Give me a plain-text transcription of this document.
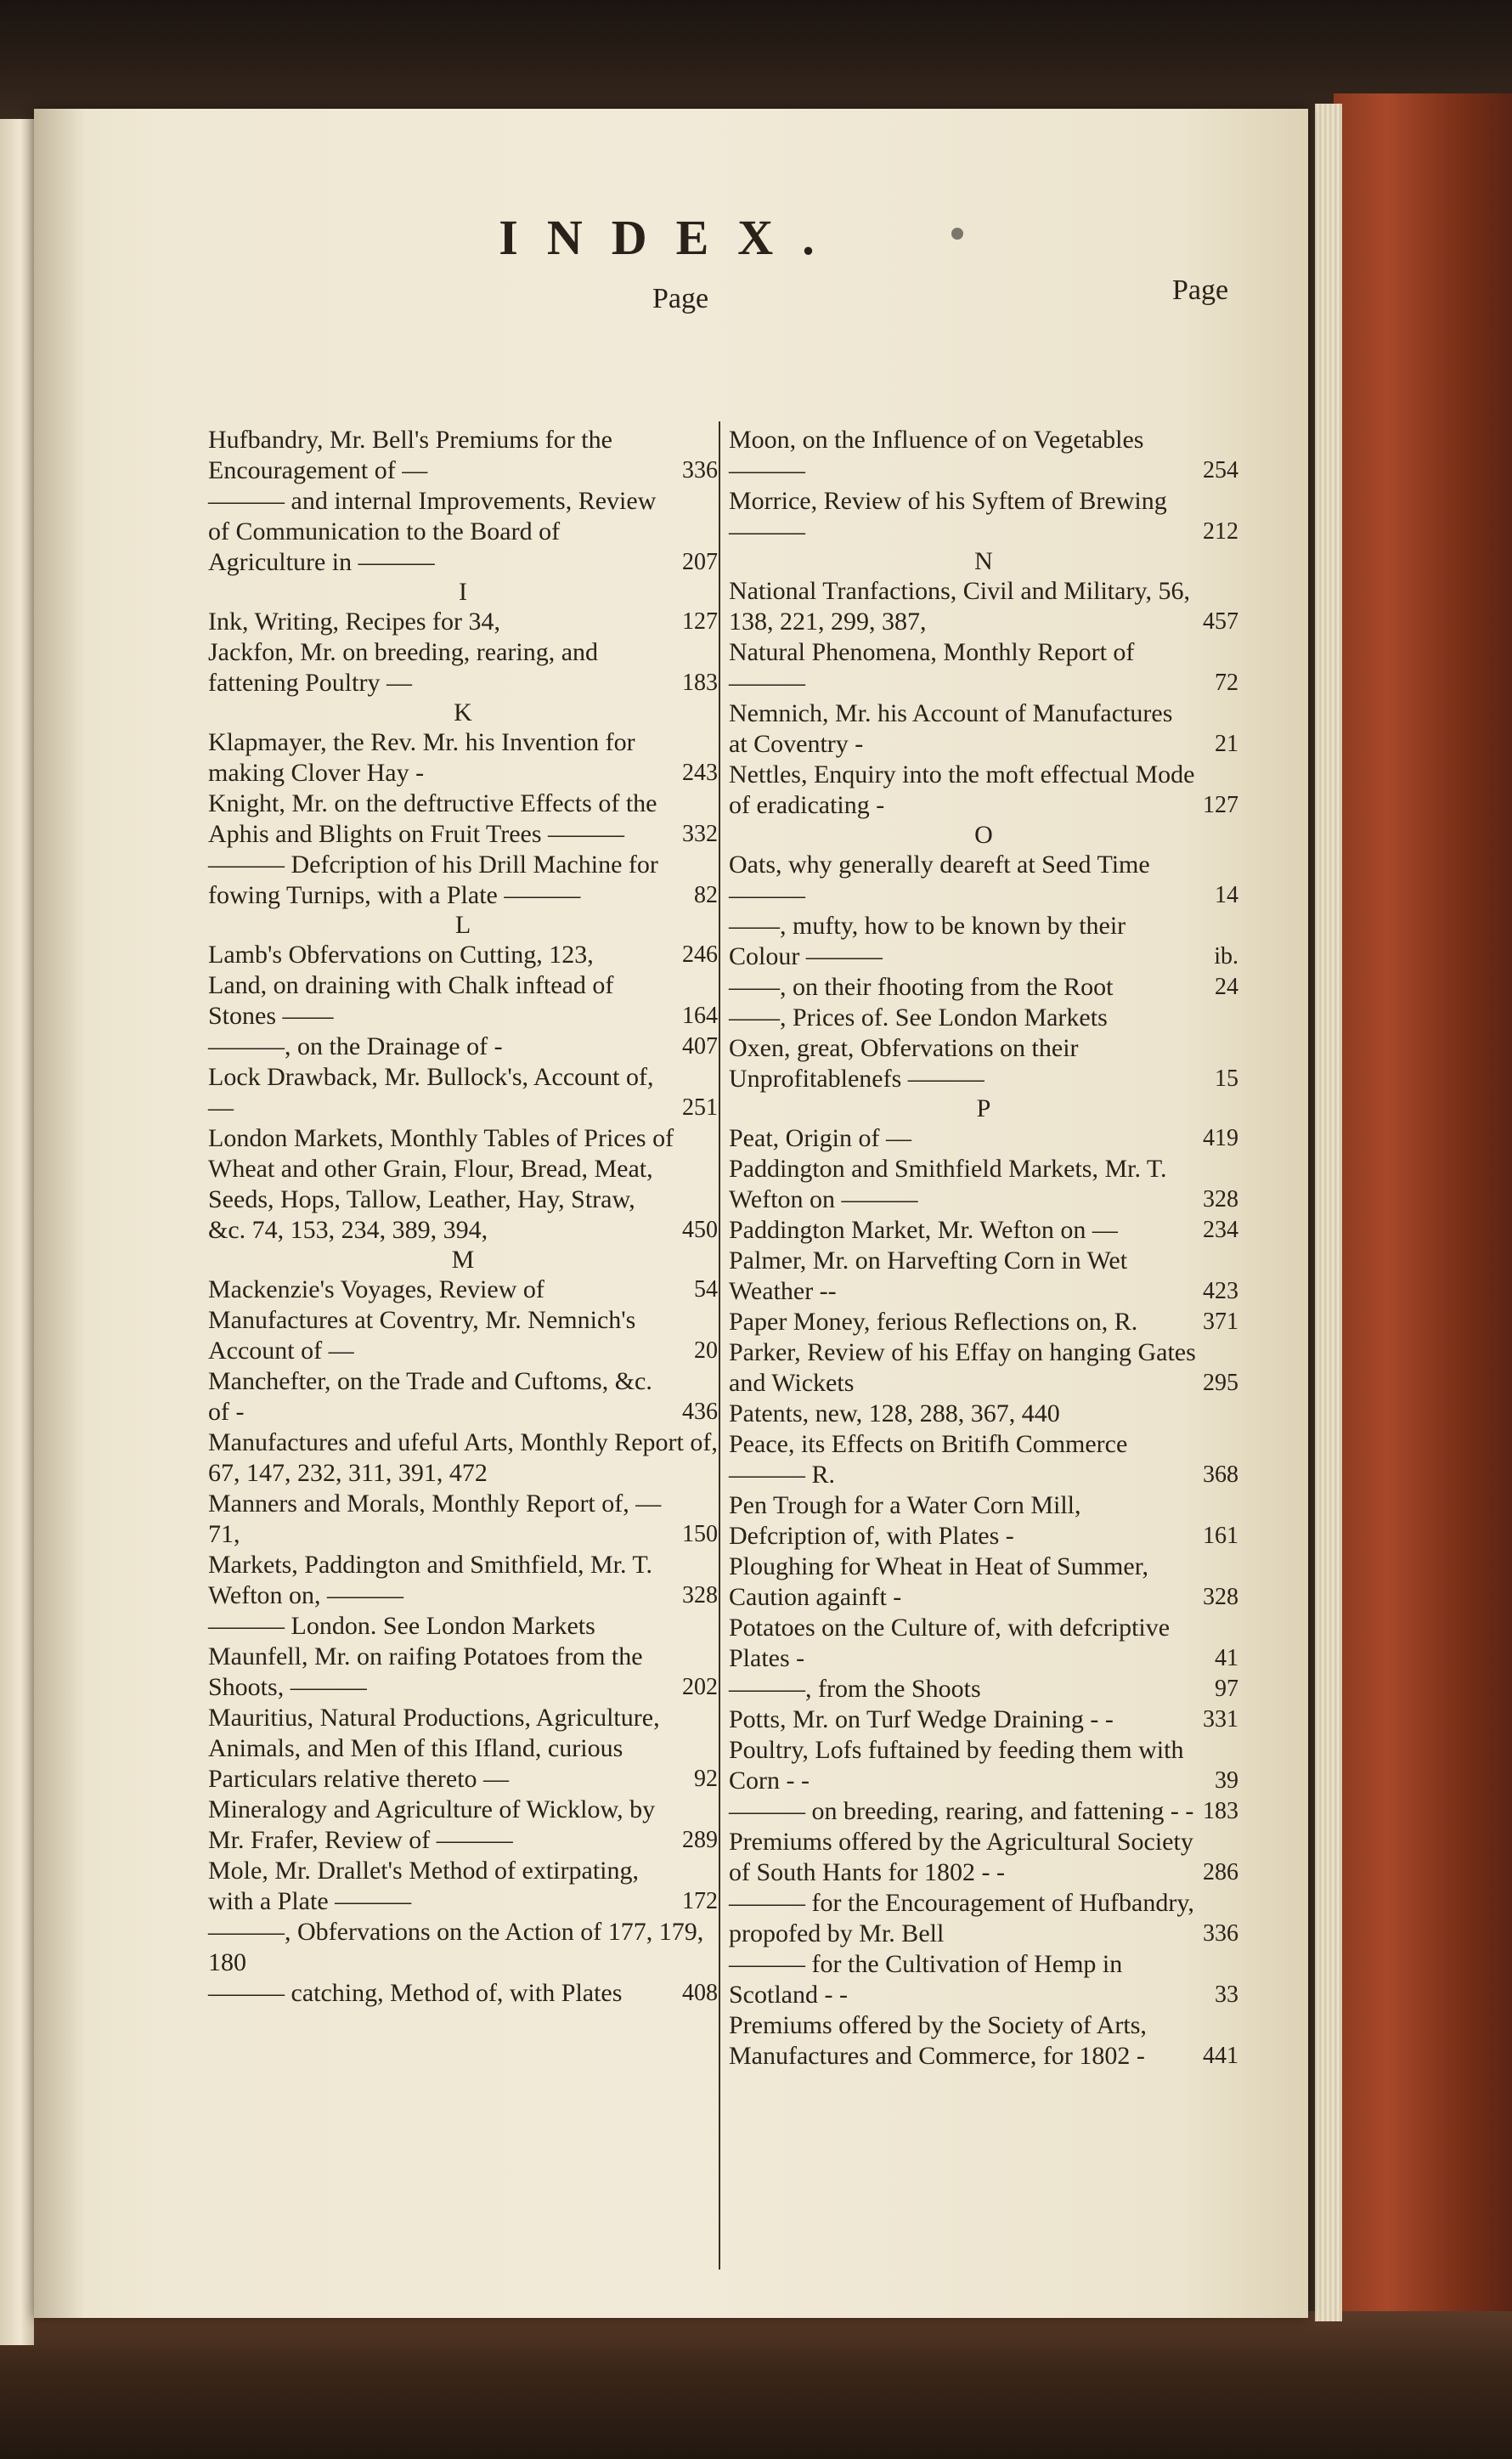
INDEX.
Page	Page
Hufbandry, Mr. Bell's Premiums for the Encouragement of —	336
——— and internal Improvements, Review of Communication to the Board of Agriculture in ———	207
I
Ink, Writing, Recipes for 34,	127
Jackfon, Mr. on breeding, rearing, and fattening Poultry —	183
K
Klapmayer, the Rev. Mr. his Invention for making Clover Hay -	243
Knight, Mr. on the deftructive Effects of the Aphis and Blights on Fruit Trees ———	332
——— Defcription of his Drill Machine for fowing Turnips, with a Plate ———	82
L
Lamb's Obfervations on Cutting, 123,	246
Land, on draining with Chalk inftead of Stones ——	164
———, on the Drainage of -	407
Lock Drawback, Mr. Bullock's, Account of, —	251
London Markets, Monthly Tables of Prices of Wheat and other Grain, Flour, Bread, Meat, Seeds, Hops, Tallow, Leather, Hay, Straw, &c. 74, 153, 234, 389, 394,	450
M
Mackenzie's Voyages, Review of	54
Manufactures at Coventry, Mr. Nemnich's Account of —	20
Manchefter, on the Trade and Cuftoms, &c. of -	436
Manufactures and ufeful Arts, Monthly Report of, 67, 147, 232, 311, 391, 472
Manners and Morals, Monthly Report of, — 71,	150
Markets, Paddington and Smithfield, Mr. T. Wefton on, ———	328
——— London. See London Markets
Maunfell, Mr. on raifing Potatoes from the Shoots, ———	202
Mauritius, Natural Productions, Agriculture, Animals, and Men of this Ifland, curious Particulars relative thereto —	92
Mineralogy and Agriculture of Wicklow, by Mr. Frafer, Review of ———	289
Mole, Mr. Drallet's Method of extirpating, with a Plate ———	172
———, Obfervations on the Action of 177, 179, 180
——— catching, Method of, with Plates	408
Moon, on the Influence of on Vegetables ———	254
Morrice, Review of his Syftem of Brewing ———	212
N
National Tranfactions, Civil and Military, 56, 138, 221, 299, 387,	457
Natural Phenomena, Monthly Report of ———	72
Nemnich, Mr. his Account of Manufactures at Coventry -	21
Nettles, Enquiry into the moft effectual Mode of eradicating -	127
O
Oats, why generally deareft at Seed Time ———	14
——, mufty, how to be known by their Colour ———	ib.
——, on their fhooting from the Root	24
——, Prices of. See London Markets
Oxen, great, Obfervations on their Unprofitablenefs ———	15
P
Peat, Origin of —	419
Paddington and Smithfield Markets, Mr. T. Wefton on ———	328
Paddington Market, Mr. Wefton on —	234
Palmer, Mr. on Harvefting Corn in Wet Weather --	423
Paper Money, ferious Reflections on, R.	371
Parker, Review of his Effay on hanging Gates and Wickets	295
Patents, new, 128, 288, 367, 440
Peace, its Effects on Britifh Commerce ——— R.	368
Pen Trough for a Water Corn Mill, Defcription of, with Plates -	161
Ploughing for Wheat in Heat of Summer, Caution againft -	328
Potatoes on the Culture of, with defcriptive Plates -	41
———, from the Shoots	97
Potts, Mr. on Turf Wedge Draining - -	331
Poultry, Lofs fuftained by feeding them with Corn - -	39
——— on breeding, rearing, and fattening - - 183
Premiums offered by the Agricultural Society of South Hants for 1802 - -	286
——— for the Encouragement of Hufbandry, propofed by Mr. Bell	336
——— for the Cultivation of Hemp in Scotland - -	33
Premiums offered by the Society of Arts, Manufactures and Commerce, for 1802 -	441
